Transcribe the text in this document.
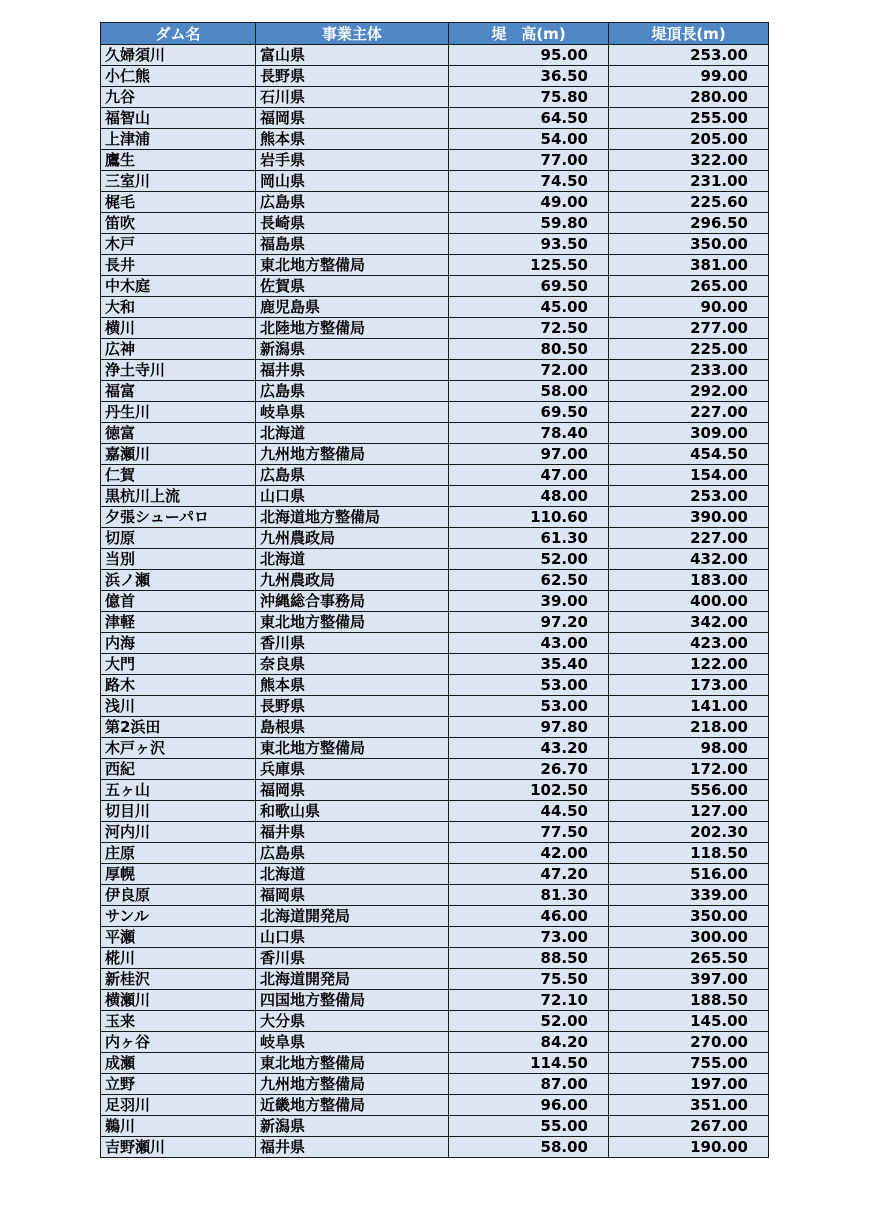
ダム名	事業主体	堤　高(m)	堤頂長(m)
久婦須川	富山県	95.00	253.00
小仁熊	長野県	36.50	99.00
九谷	石川県	75.80	280.00
福智山	福岡県	64.50	255.00
上津浦	熊本県	54.00	205.00
鷹生	岩手県	77.00	322.00
三室川	岡山県	74.50	231.00
梶毛	広島県	49.00	225.60
笛吹	長崎県	59.80	296.50
木戸	福島県	93.50	350.00
長井	東北地方整備局	125.50	381.00
中木庭	佐賀県	69.50	265.00
大和	鹿児島県	45.00	90.00
横川	北陸地方整備局	72.50	277.00
広神	新潟県	80.50	225.00
浄土寺川	福井県	72.00	233.00
福富	広島県	58.00	292.00
丹生川	岐阜県	69.50	227.00
徳富	北海道	78.40	309.00
嘉瀬川	九州地方整備局	97.00	454.50
仁賀	広島県	47.00	154.00
黒杭川上流	山口県	48.00	253.00
夕張シューパロ	北海道地方整備局	110.60	390.00
切原	九州農政局	61.30	227.00
当別	北海道	52.00	432.00
浜ノ瀬	九州農政局	62.50	183.00
億首	沖縄総合事務局	39.00	400.00
津軽	東北地方整備局	97.20	342.00
内海	香川県	43.00	423.00
大門	奈良県	35.40	122.00
路木	熊本県	53.00	173.00
浅川	長野県	53.00	141.00
第2浜田	島根県	97.80	218.00
木戸ヶ沢	東北地方整備局	43.20	98.00
西紀	兵庫県	26.70	172.00
五ヶ山	福岡県	102.50	556.00
切目川	和歌山県	44.50	127.00
河内川	福井県	77.50	202.30
庄原	広島県	42.00	118.50
厚幌	北海道	47.20	516.00
伊良原	福岡県	81.30	339.00
サンル	北海道開発局	46.00	350.00
平瀬	山口県	73.00	300.00
椛川	香川県	88.50	265.50
新桂沢	北海道開発局	75.50	397.00
横瀬川	四国地方整備局	72.10	188.50
玉来	大分県	52.00	145.00
内ヶ谷	岐阜県	84.20	270.00
成瀬	東北地方整備局	114.50	755.00
立野	九州地方整備局	87.00	197.00
足羽川	近畿地方整備局	96.00	351.00
鵜川	新潟県	55.00	267.00
吉野瀬川	福井県	58.00	190.00
